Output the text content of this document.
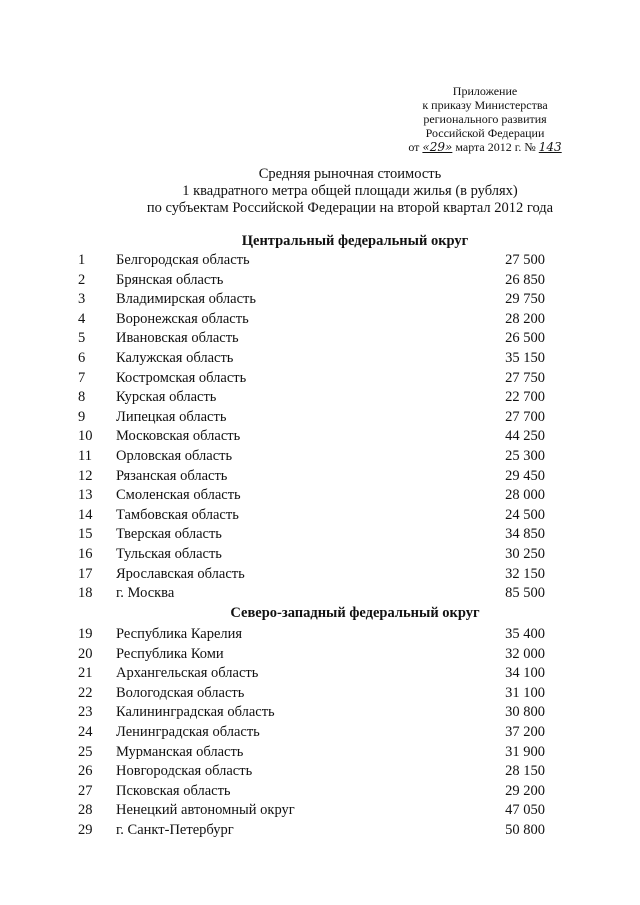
Приложение
к приказу Министерства
регионального развития
Российской Федерации
от «29» марта 2012 г. № 143
Средняя рыночная стоимость
1 квадратного метра общей площади жилья (в рублях)
по субъектам Российской Федерации на второй квартал 2012 года
Центральный федеральный округ
1	Белгородская область	27 500
2	Брянская область	26 850
3	Владимирская область	29 750
4	Воронежская область	28 200
5	Ивановская область	26 500
6	Калужская область	35 150
7	Костромская область	27 750
8	Курская область	22 700
9	Липецкая область	27 700
10	Московская область	44 250
11	Орловская область	25 300
12	Рязанская область	29 450
13	Смоленская область	28 000
14	Тамбовская область	24 500
15	Тверская область	34 850
16	Тульская область	30 250
17	Ярославская область	32 150
18	г. Москва	85 500
Северо-западный федеральный округ
19	Республика Карелия	35 400
20	Республика Коми	32 000
21	Архангельская область	34 100
22	Вологодская область	31 100
23	Калининградская область	30 800
24	Ленинградская область	37 200
25	Мурманская область	31 900
26	Новгородская область	28 150
27	Псковская область	29 200
28	Ненецкий автономный округ	47 050
29	г. Санкт-Петербург	50 800
